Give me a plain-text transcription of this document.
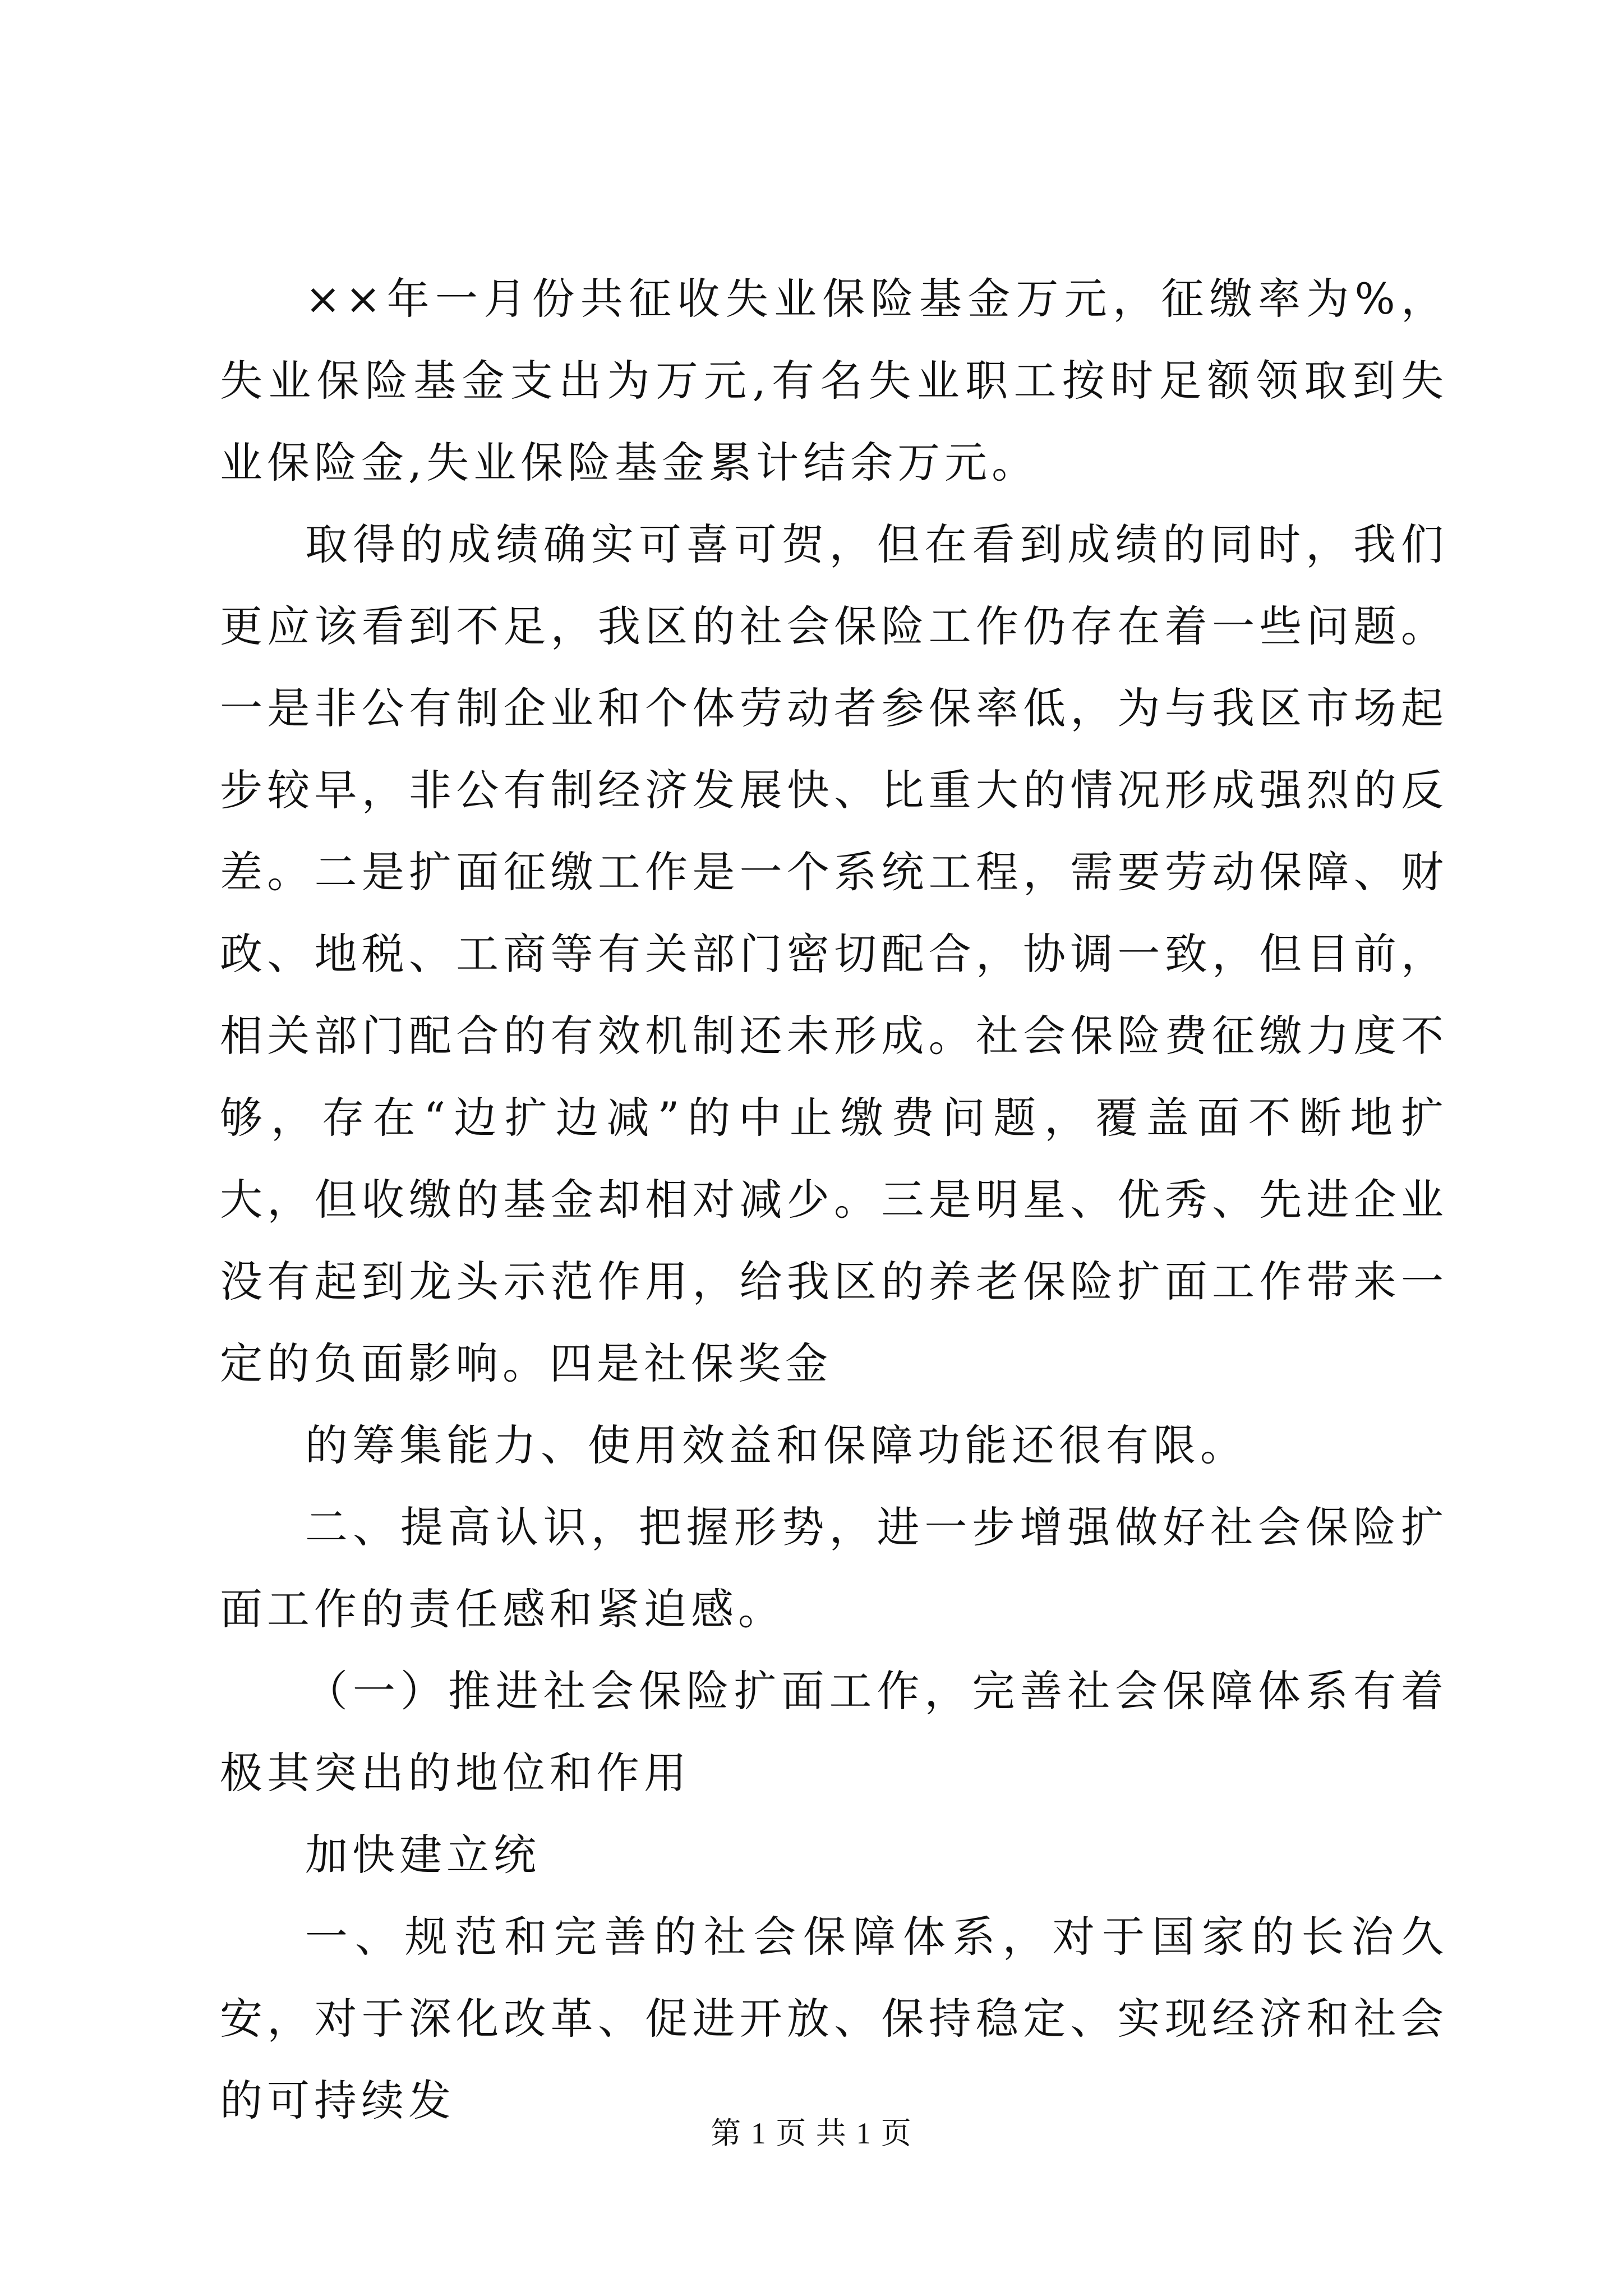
××年一月份共征收失业保险基金万元，征缴率为%，失业保险基金支出为万元,有名失业职工按时足额领取到失业保险金,失业保险基金累计结余万元。

取得的成绩确实可喜可贺，但在看到成绩的同时，我们更应该看到不足，我区的社会保险工作仍存在着一些问题。一是非公有制企业和个体劳动者参保率低，为与我区市场起步较早，非公有制经济发展快、比重大的情况形成强烈的反差。二是扩面征缴工作是一个系统工程，需要劳动保障、财政、地税、工商等有关部门密切配合，协调一致，但目前，相关部门配合的有效机制还未形成。社会保险费征缴力度不够，存在“边扩边减”的中止缴费问题，覆盖面不断地扩大，但收缴的基金却相对减少。三是明星、优秀、先进企业没有起到龙头示范作用，给我区的养老保险扩面工作带来一定的负面影响。四是社保奖金

的筹集能力、使用效益和保障功能还很有限。

二、提高认识，把握形势，进一步增强做好社会保险扩面工作的责任感和紧迫感。

（一）推进社会保险扩面工作，完善社会保障体系有着极其突出的地位和作用

加快建立统

一、规范和完善的社会保障体系，对于国家的长治久安，对于深化改革、促进开放、保持稳定、实现经济和社会的可持续发

第 1 页 共 1 页
